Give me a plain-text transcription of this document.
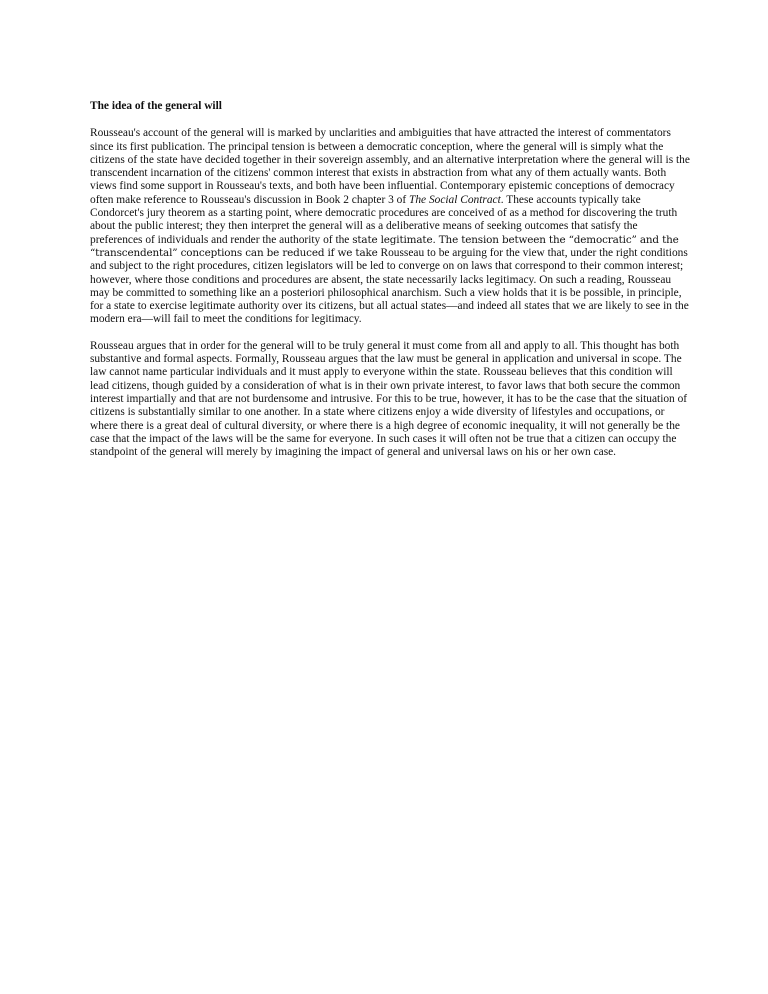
The idea of the general will

Rousseau's account of the general will is marked by unclarities and ambiguities that have attracted the interest of commentators since its first publication. The principal tension is between a democratic conception, where the general will is simply what the citizens of the state have decided together in their sovereign assembly, and an alternative interpretation where the general will is the transcendent incarnation of the citizens' common interest that exists in abstraction from what any of them actually wants. Both views find some support in Rousseau's texts, and both have been influential. Contemporary epistemic conceptions of democracy often make reference to Rousseau's discussion in Book 2 chapter 3 of The Social Contract. These accounts typically take Condorcet's jury theorem as a starting point, where democratic procedures are conceived of as a method for discovering the truth about the public interest; they then interpret the general will as a deliberative means of seeking outcomes that satisfy the preferences of individuals and render the authority of the state legitimate. The tension between the “democratic” and the “transcendental” conceptions can be reduced if we take Rousseau to be arguing for the view that, under the right conditions and subject to the right procedures, citizen legislators will be led to converge on on laws that correspond to their common interest; however, where those conditions and procedures are absent, the state necessarily lacks legitimacy. On such a reading, Rousseau may be committed to something like an a posteriori philosophical anarchism. Such a view holds that it is be possible, in principle, for a state to exercise legitimate authority over its citizens, but all actual states—and indeed all states that we are likely to see in the modern era—will fail to meet the conditions for legitimacy.

Rousseau argues that in order for the general will to be truly general it must come from all and apply to all. This thought has both substantive and formal aspects. Formally, Rousseau argues that the law must be general in application and universal in scope. The law cannot name particular individuals and it must apply to everyone within the state. Rousseau believes that this condition will lead citizens, though guided by a consideration of what is in their own private interest, to favor laws that both secure the common interest impartially and that are not burdensome and intrusive. For this to be true, however, it has to be the case that the situation of citizens is substantially similar to one another. In a state where citizens enjoy a wide diversity of lifestyles and occupations, or where there is a great deal of cultural diversity, or where there is a high degree of economic inequality, it will not generally be the case that the impact of the laws will be the same for everyone. In such cases it will often not be true that a citizen can occupy the standpoint of the general will merely by imagining the impact of general and universal laws on his or her own case.
